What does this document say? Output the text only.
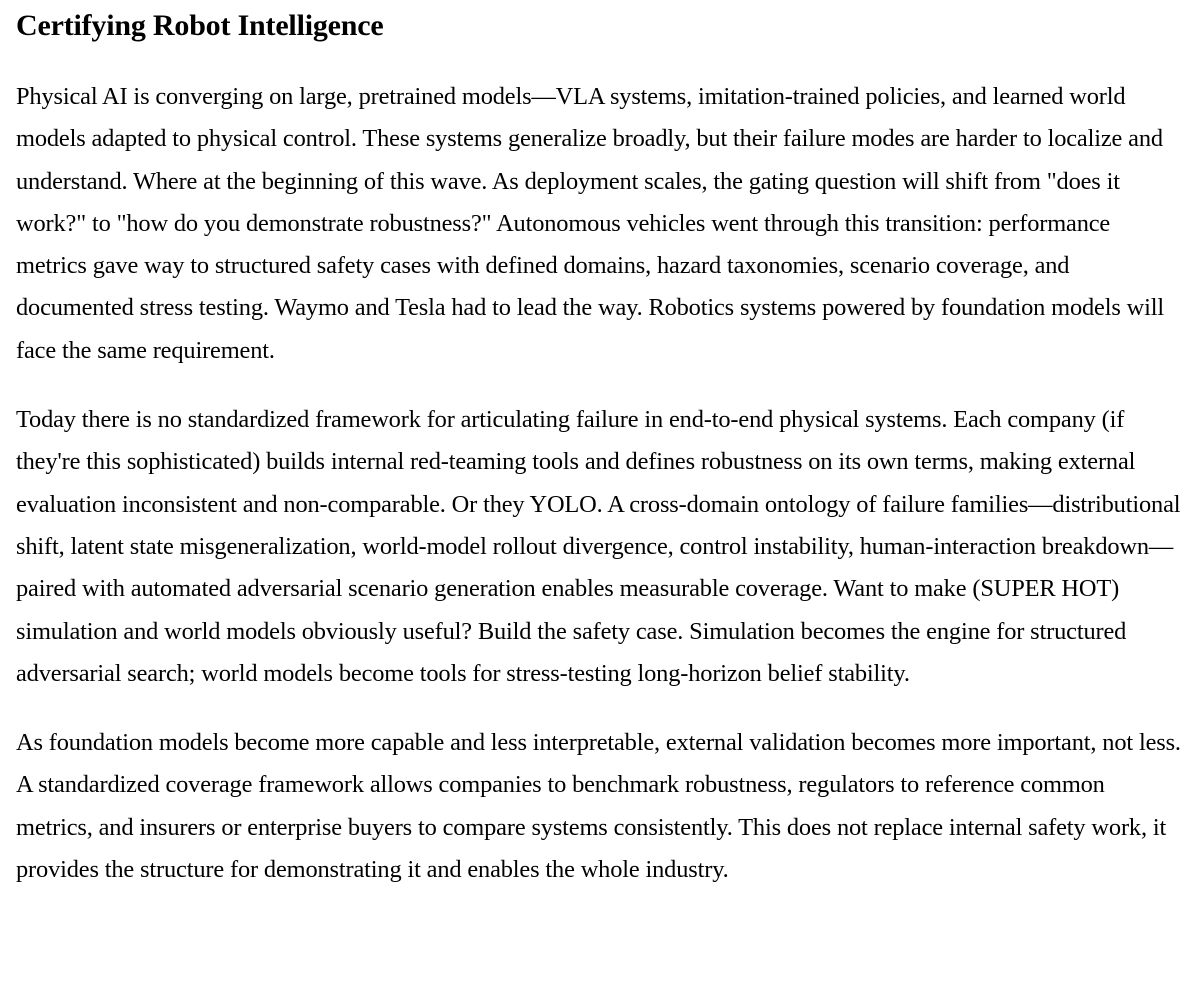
Certifying Robot Intelligence

Physical AI is converging on large, pretrained models—VLA systems, imitation-trained policies, and learned world models adapted to physical control. These systems generalize broadly, but their failure modes are harder to localize and understand. Where at the beginning of this wave. As deployment scales, the gating question will shift from "does it work?" to "how do you demonstrate robustness?" Autonomous vehicles went through this transition: performance metrics gave way to structured safety cases with defined domains, hazard taxonomies, scenario coverage, and documented stress testing. Waymo and Tesla had to lead the way. Robotics systems powered by foundation models will face the same requirement.

Today there is no standardized framework for articulating failure in end-to-end physical systems. Each company (if they're this sophisticated) builds internal red-teaming tools and defines robustness on its own terms, making external evaluation inconsistent and non-comparable. Or they YOLO. A cross-domain ontology of failure families—distributional shift, latent state misgeneralization, world-model rollout divergence, control instability, human-interaction breakdown—paired with automated adversarial scenario generation enables measurable coverage. Want to make (SUPER HOT) simulation and world models obviously useful? Build the safety case. Simulation becomes the engine for structured adversarial search; world models become tools for stress-testing long-horizon belief stability.

As foundation models become more capable and less interpretable, external validation becomes more important, not less. A standardized coverage framework allows companies to benchmark robustness, regulators to reference common metrics, and insurers or enterprise buyers to compare systems consistently. This does not replace internal safety work, it provides the structure for demonstrating it and enables the whole industry.
